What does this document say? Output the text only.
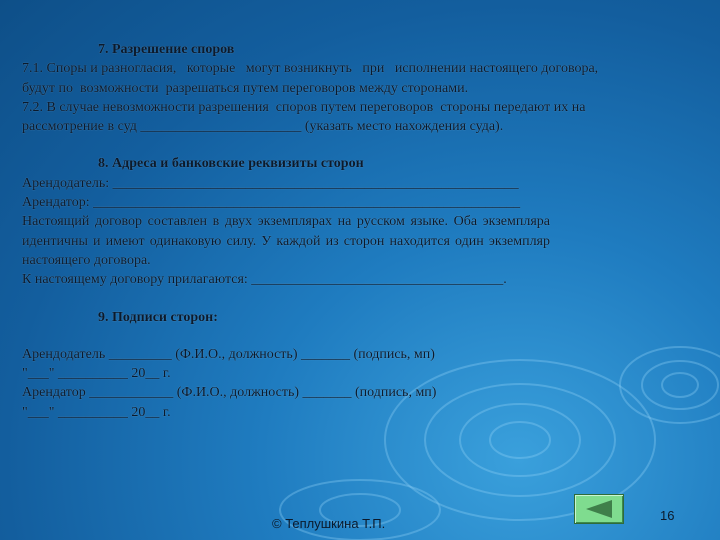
7. Разрешение споров

7.1. Споры и разногласия,   которые   могут возникнуть   при   исполнении настоящего договора,

будут по  возможности  разрешаться путем переговоров между сторонами.

7.2. В случае невозможности разрешения  споров путем переговоров  стороны передают их на

рассмотрение в суд _______________________ (указать место нахождения суда).

8. Адреса и банковские реквизиты сторон

Арендодатель: __________________________________________________________

Арендатор: _____________________________________________________________

Настоящий договор составлен в двух экземплярах на русском языке. Оба экземпляра идентичны и имеют одинаковую силу. У каждой из сторон находится один экземпляр настоящего договора.

К настоящему договору прилагаются: ____________________________________.

9. Подписи сторон:

Арендодатель _________ (Ф.И.О., должность) _______ (подпись, мп)

"___" __________ 20__ г.

Арендатор ____________ (Ф.И.О., должность) _______ (подпись, мп)

"___" __________ 20__ г.

© Теплушкина Т.П.
16
